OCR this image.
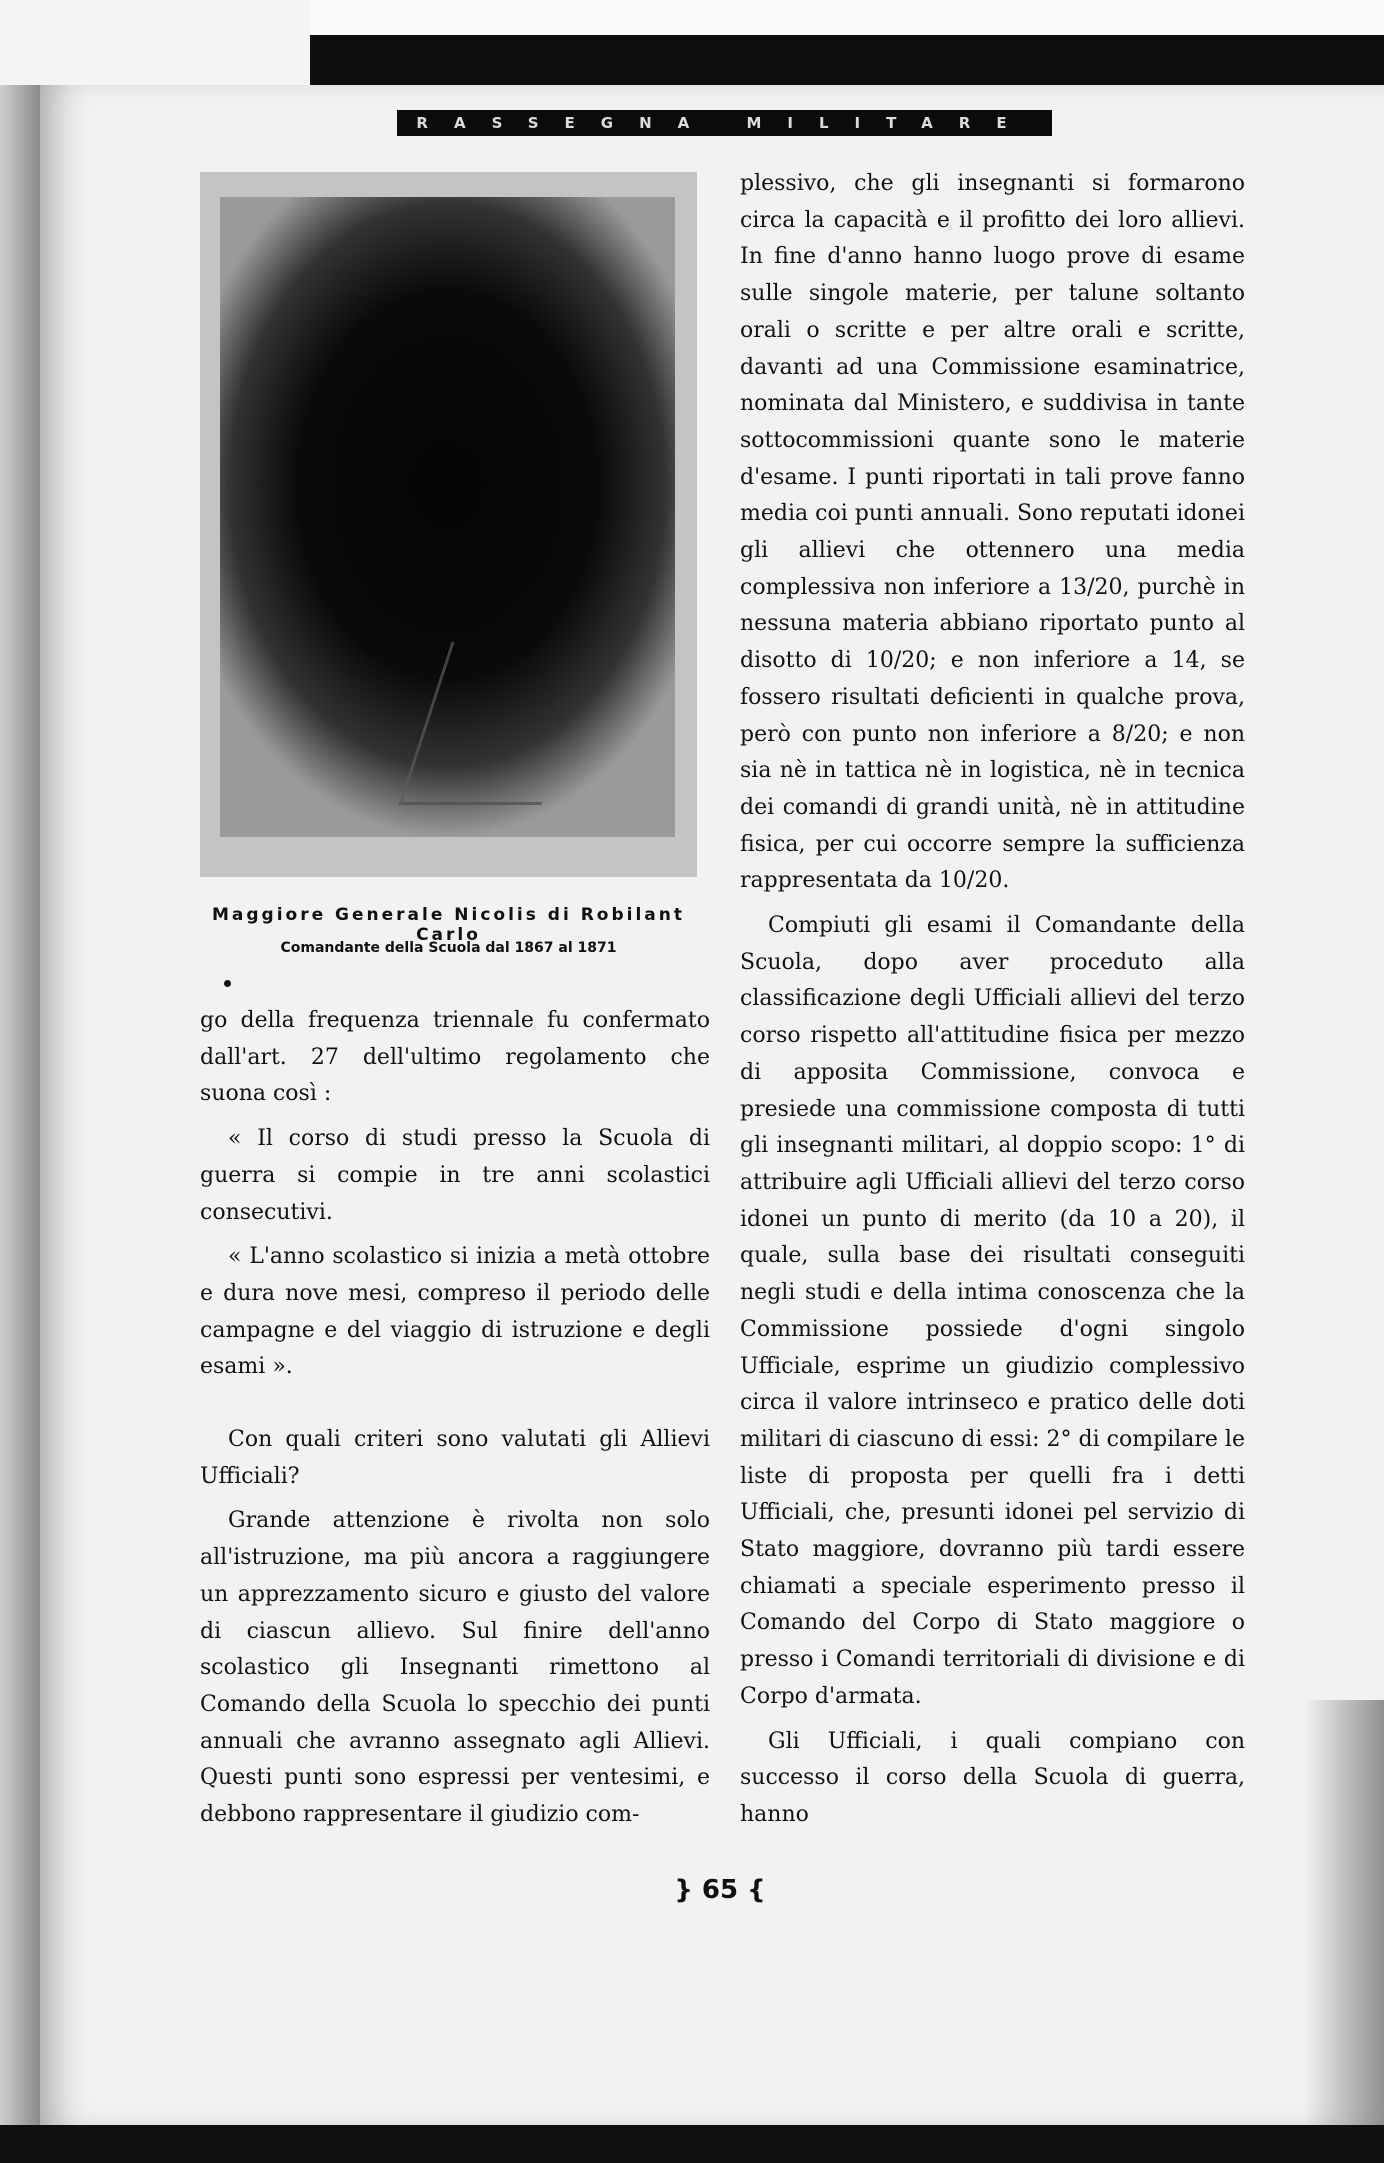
RASSEGNA MILITARE
Maggiore Generale Nicolis di Robilant Carlo
Comandante della Scuola dal 1867 al 1871

go della frequenza triennale fu confermato dall'art. 27 dell'ultimo regolamento che suona così :

« Il corso di studi presso la Scuola di guerra si compie in tre anni scolastici consecutivi.

« L'anno scolastico si inizia a metà ottobre e dura nove mesi, compreso il periodo delle campagne e del viaggio di istruzione e degli esami ».

Con quali criteri sono valutati gli Allievi Ufficiali?

Grande attenzione è rivolta non solo all'istruzione, ma più ancora a raggiungere un apprezzamento sicuro e giusto del valore di ciascun allievo. Sul finire dell'anno scolastico gli Insegnanti rimettono al Comando della Scuola lo specchio dei punti annuali che avranno assegnato agli Allievi. Questi punti sono espressi per ventesimi, e debbono rappresentare il giudizio com-

plessivo, che gli insegnanti si formarono circa la capacità e il profitto dei loro allievi. In fine d'anno hanno luogo prove di esame sulle singole materie, per talune soltanto orali o scritte e per altre orali e scritte, davanti ad una Commissione esaminatrice, nominata dal Ministero, e suddivisa in tante sottocommissioni quante sono le materie d'esame. I punti riportati in tali prove fanno media coi punti annuali. Sono reputati idonei gli allievi che ottennero una media complessiva non inferiore a 13/20, purchè in nessuna materia abbiano riportato punto al disotto di 10/20; e non inferiore a 14, se fossero risultati deficienti in qualche prova, però con punto non inferiore a 8/20; e non sia nè in tattica nè in logistica, nè in tecnica dei comandi di grandi unità, nè in attitudine fisica, per cui occorre sempre la sufficienza rappresentata da 10/20.

Compiuti gli esami il Comandante della Scuola, dopo aver proceduto alla classificazione degli Ufficiali allievi del terzo corso rispetto all'attitudine fisica per mezzo di apposita Commissione, convoca e presiede una commissione composta di tutti gli insegnanti militari, al doppio scopo: 1° di attribuire agli Ufficiali allievi del terzo corso idonei un punto di merito (da 10 a 20), il quale, sulla base dei risultati conseguiti negli studi e della intima conoscenza che la Commissione possiede d'ogni singolo Ufficiale, esprime un giudizio complessivo circa il valore intrinseco e pratico delle doti militari di ciascuno di essi: 2° di compilare le liste di proposta per quelli fra i detti Ufficiali, che, presunti idonei pel servizio di Stato maggiore, dovranno più tardi essere chiamati a speciale esperimento presso il Comando del Corpo di Stato maggiore o presso i Comandi territoriali di divisione e di Corpo d'armata.

Gli Ufficiali, i quali compiano con successo il corso della Scuola di guerra, hanno

} 65 {
